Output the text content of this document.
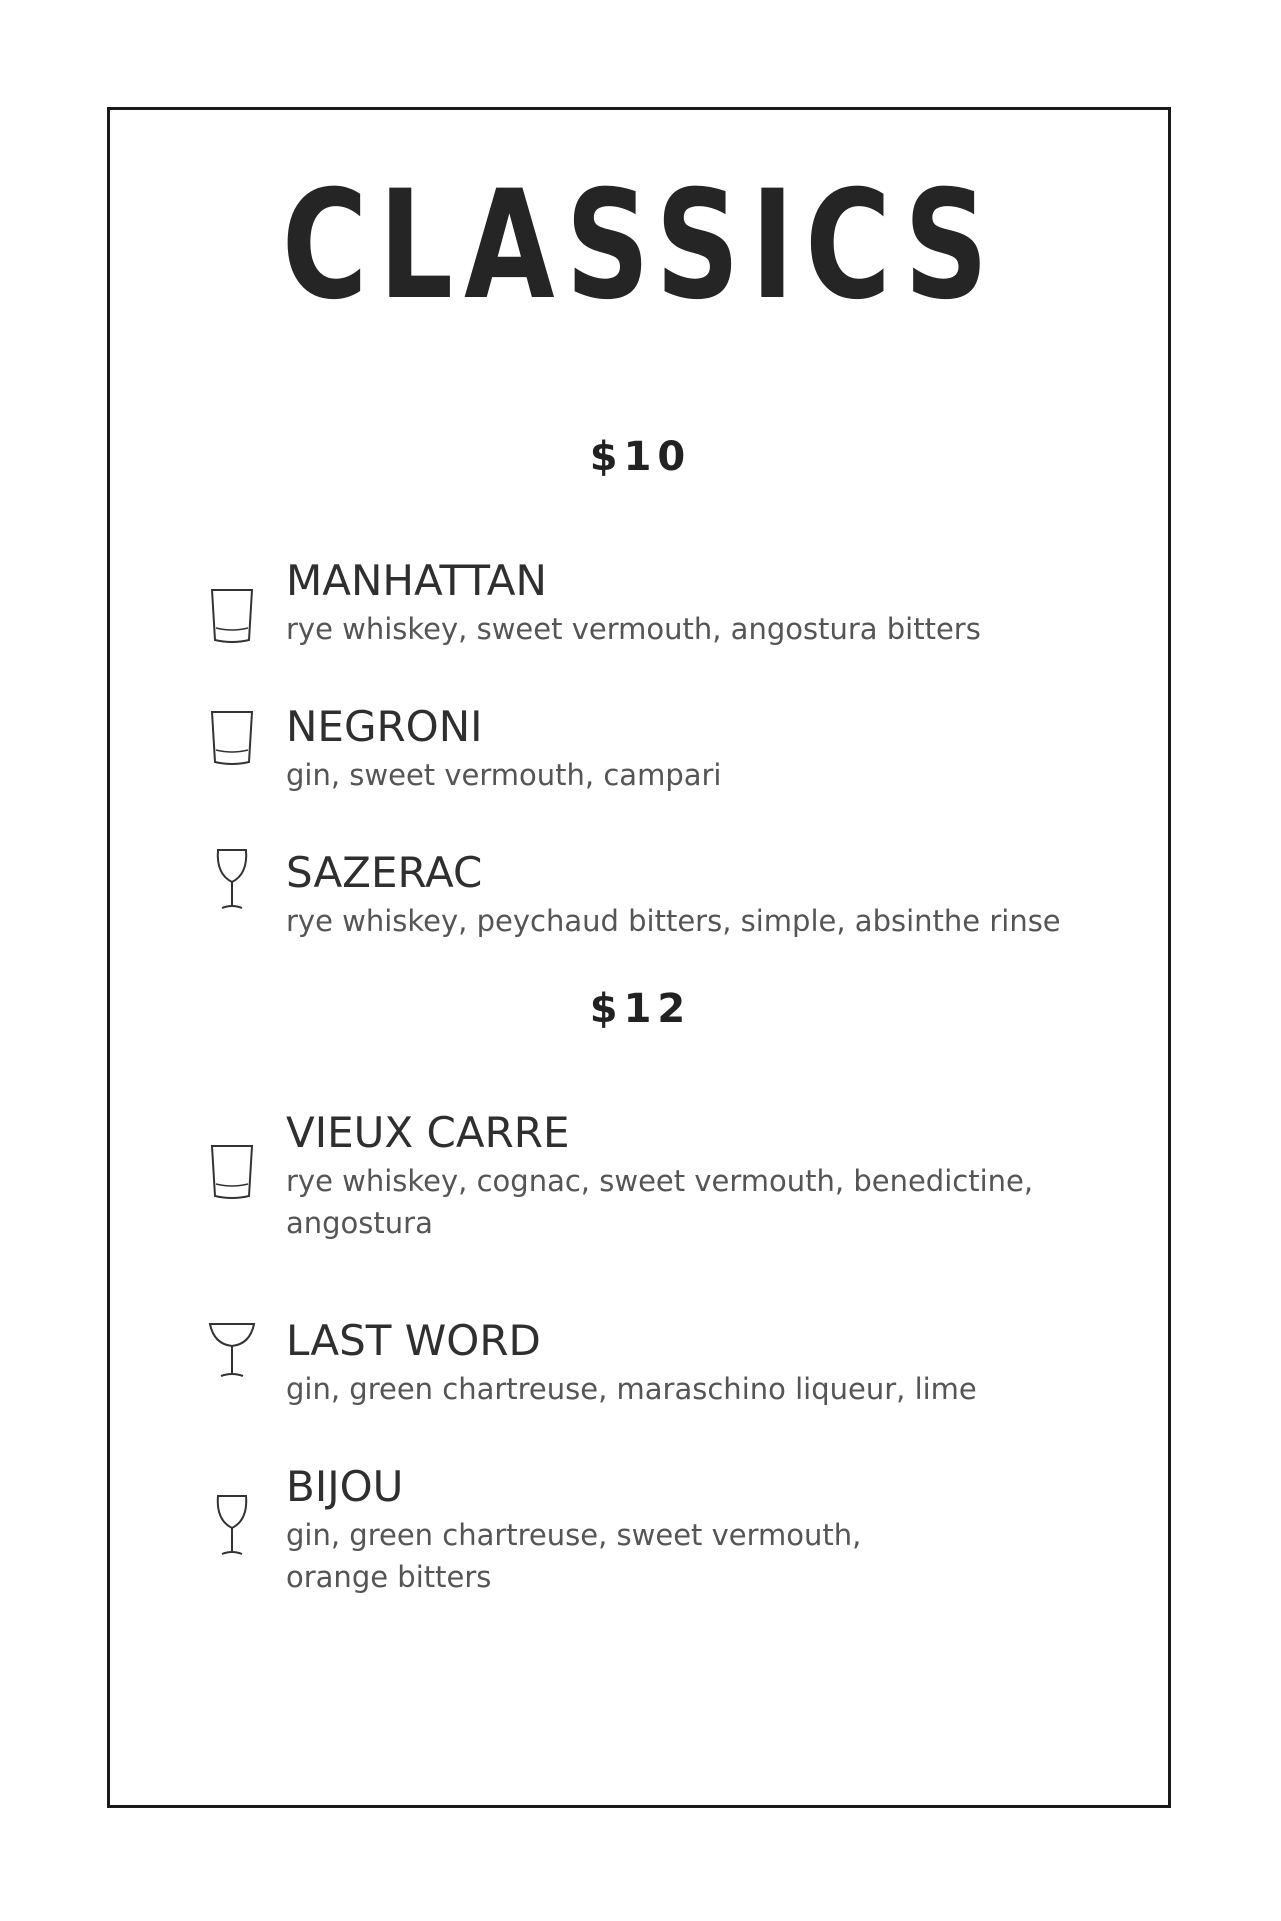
CLASSICS
$10
MANHATTAN
rye whiskey, sweet vermouth, angostura bitters
NEGRONI
gin, sweet vermouth, campari
SAZERAC
rye whiskey, peychaud bitters, simple, absinthe rinse
$12
VIEUX CARRE
rye whiskey, cognac, sweet vermouth, benedictine, angostura
LAST WORD
gin, green chartreuse, maraschino liqueur, lime
BIJOU
gin, green chartreuse, sweet vermouth,
orange bitters
